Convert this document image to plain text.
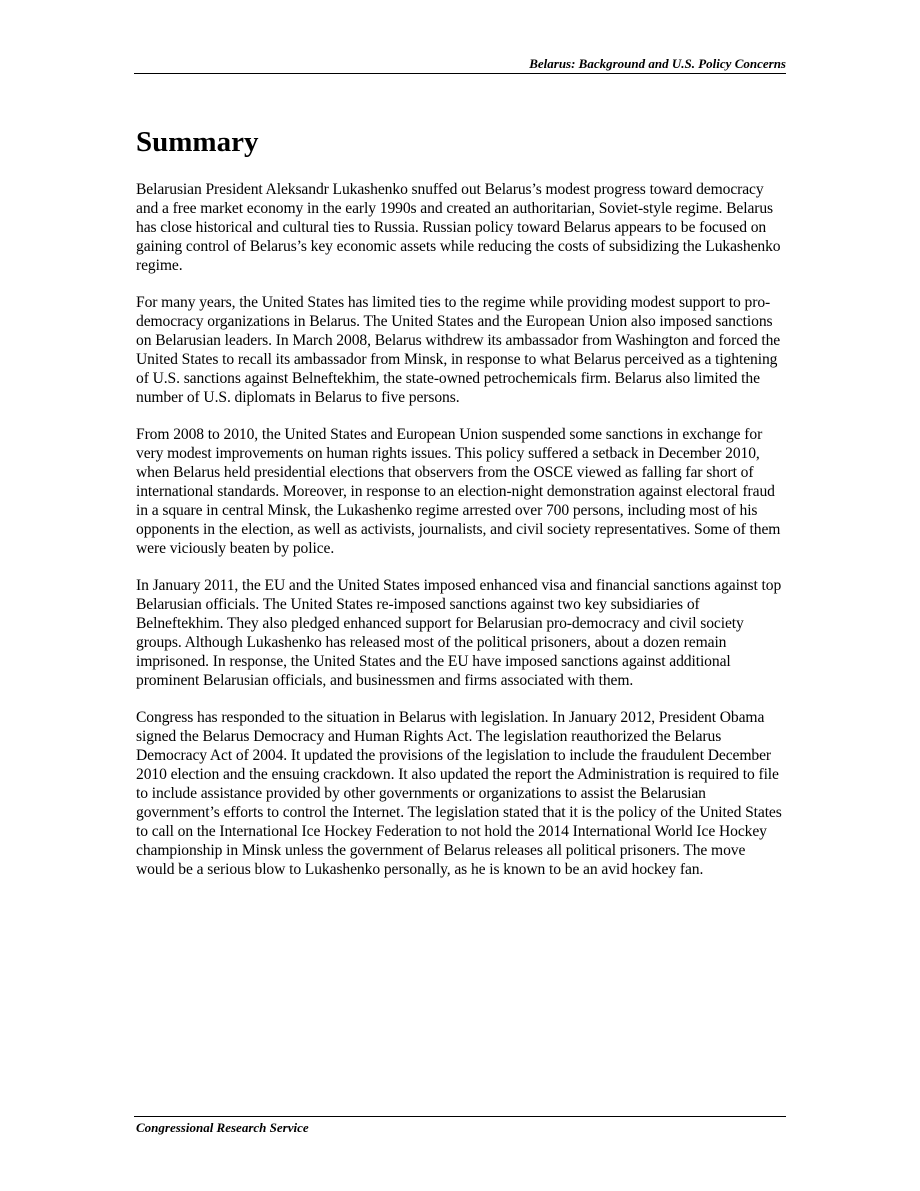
Belarus: Background and U.S. Policy Concerns
Summary

Belarusian President Aleksandr Lukashenko snuffed out Belarus’s modest progress toward democracy and a free market economy in the early 1990s and created an authoritarian, Soviet-style regime. Belarus has close historical and cultural ties to Russia. Russian policy toward Belarus appears to be focused on gaining control of Belarus’s key economic assets while reducing the costs of subsidizing the Lukashenko regime.

For many years, the United States has limited ties to the regime while providing modest support to pro-democracy organizations in Belarus. The United States and the European Union also imposed sanctions on Belarusian leaders. In March 2008, Belarus withdrew its ambassador from Washington and forced the United States to recall its ambassador from Minsk, in response to what Belarus perceived as a tightening of U.S. sanctions against Belneftekhim, the state-owned petrochemicals firm. Belarus also limited the number of U.S. diplomats in Belarus to five persons.

From 2008 to 2010, the United States and European Union suspended some sanctions in exchange for very modest improvements on human rights issues. This policy suffered a setback in December 2010, when Belarus held presidential elections that observers from the OSCE viewed as falling far short of international standards. Moreover, in response to an election-night demonstration against electoral fraud in a square in central Minsk, the Lukashenko regime arrested over 700 persons, including most of his opponents in the election, as well as activists, journalists, and civil society representatives. Some of them were viciously beaten by police.

In January 2011, the EU and the United States imposed enhanced visa and financial sanctions against top Belarusian officials. The United States re-imposed sanctions against two key subsidiaries of Belneftekhim. They also pledged enhanced support for Belarusian pro-democracy and civil society groups. Although Lukashenko has released most of the political prisoners, about a dozen remain imprisoned. In response, the United States and the EU have imposed sanctions against additional prominent Belarusian officials, and businessmen and firms associated with them.

Congress has responded to the situation in Belarus with legislation. In January 2012, President Obama signed the Belarus Democracy and Human Rights Act. The legislation reauthorized the Belarus Democracy Act of 2004. It updated the provisions of the legislation to include the fraudulent December 2010 election and the ensuing crackdown. It also updated the report the Administration is required to file to include assistance provided by other governments or organizations to assist the Belarusian government’s efforts to control the Internet. The legislation stated that it is the policy of the United States to call on the International Ice Hockey Federation to not hold the 2014 International World Ice Hockey championship in Minsk unless the government of Belarus releases all political prisoners. The move would be a serious blow to Lukashenko personally, as he is known to be an avid hockey fan.

Congressional Research Service
